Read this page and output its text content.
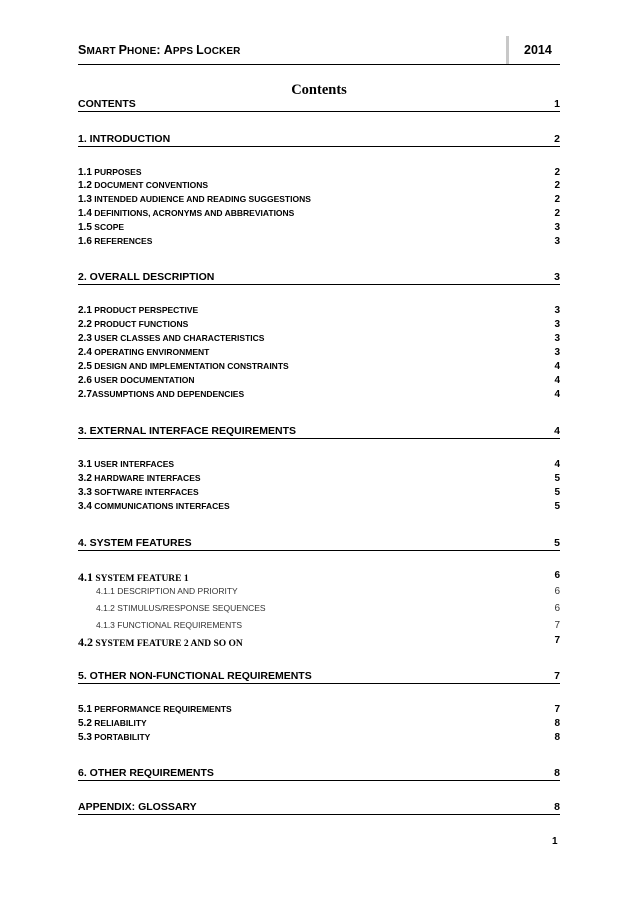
SMART PHONE: APPS LOCKER	2014
Contents
CONTENTS	1
1. INTRODUCTION	2
1.1 PURPOSES	2
1.2 DOCUMENT CONVENTIONS	2
1.3 INTENDED AUDIENCE AND READING SUGGESTIONS	2
1.4 DEFINITIONS, ACRONYMS AND ABBREVIATIONS	2
1.5 SCOPE	3
1.6 REFERENCES	3
2. OVERALL DESCRIPTION	3
2.1 PRODUCT PERSPECTIVE	3
2.2 PRODUCT FUNCTIONS	3
2.3 USER CLASSES AND CHARACTERISTICS	3
2.4 OPERATING ENVIRONMENT	3
2.5 DESIGN AND IMPLEMENTATION CONSTRAINTS	4
2.6 USER DOCUMENTATION	4
2.7ASSUMPTIONS AND DEPENDENCIES	4
3. EXTERNAL INTERFACE REQUIREMENTS	4
3.1 USER INTERFACES	4
3.2 HARDWARE INTERFACES	5
3.3 SOFTWARE INTERFACES	5
3.4 COMMUNICATIONS INTERFACES	5
4. SYSTEM FEATURES	5
4.1 SYSTEM FEATURE 1	6
4.1.1 DESCRIPTION AND PRIORITY	6
4.1.2 STIMULUS/RESPONSE SEQUENCES	6
4.1.3 FUNCTIONAL REQUIREMENTS	7
4.2 SYSTEM FEATURE 2 AND SO ON	7
5. OTHER NON-FUNCTIONAL REQUIREMENTS	7
5.1 PERFORMANCE REQUIREMENTS	7
5.2 RELIABILITY	8
5.3 PORTABILITY	8
6. OTHER REQUIREMENTS	8
APPENDIX: GLOSSARY	8
1
